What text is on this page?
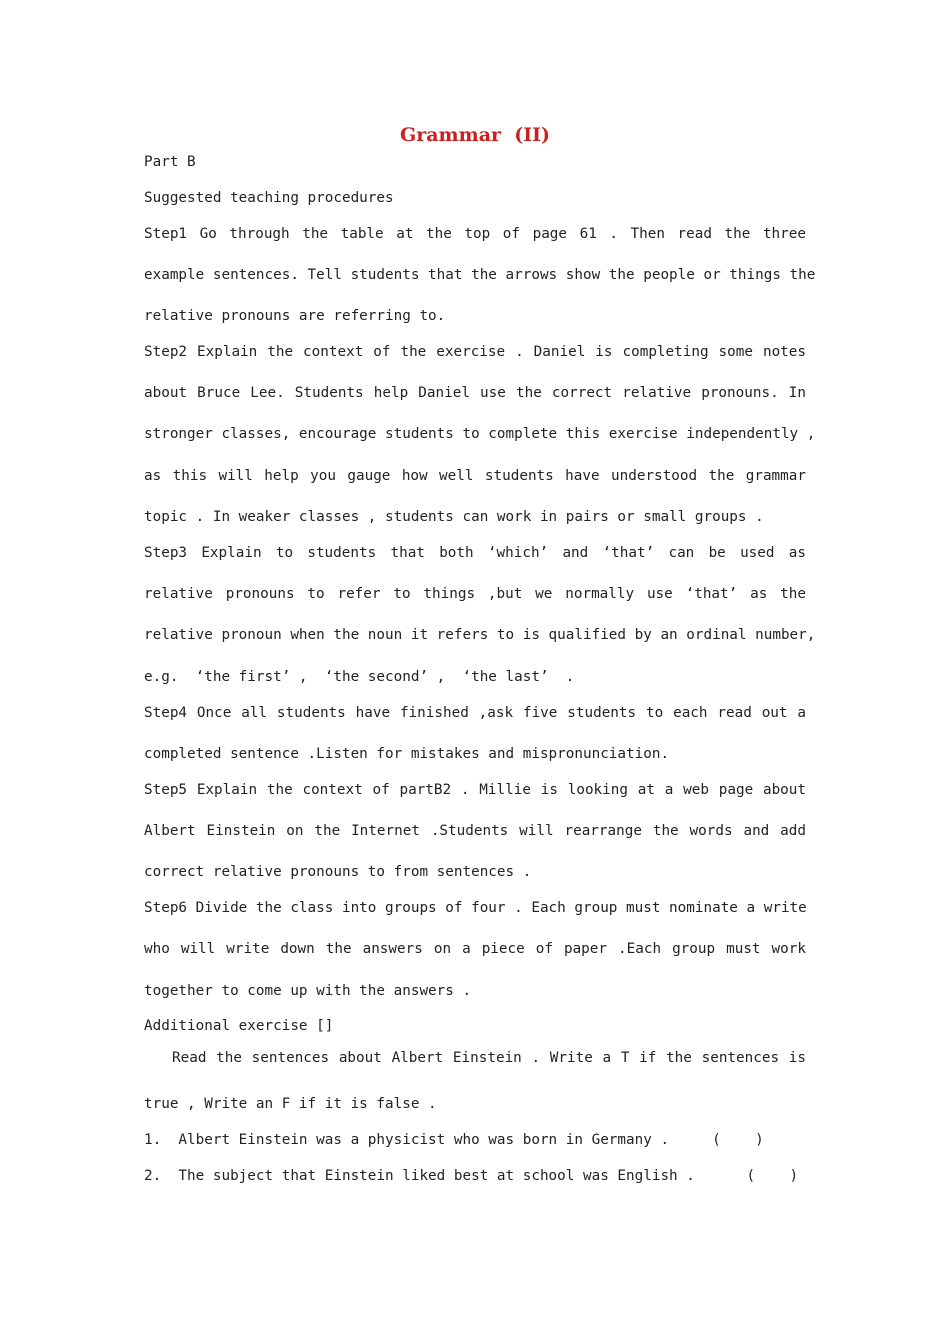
Grammar  (II)
Part B
Suggested teaching procedures
Step1 Go through the table at the top of page 61 . Then read the three
example sentences. Tell students that the arrows show the people or things the
relative pronouns are referring to.
Step2 Explain the context of the exercise . Daniel is completing some notes
about Bruce Lee. Students help Daniel use the correct relative pronouns. In
stronger classes, encourage students to complete this exercise independently ,
as this will help you gauge how well students have understood the grammar
topic . In weaker classes , students can work in pairs or small groups .
Step3 Explain to students that both ‘which’ and ‘that’ can be used as
relative pronouns to refer to things ,but we normally use ‘that’ as the
relative pronoun when the noun it refers to is qualified by an ordinal number,
e.g.  ‘the first’ ,  ‘the second’ ,  ‘the last’  .
Step4 Once all students have finished ,ask five students to each read out a
completed sentence .Listen for mistakes and mispronunciation.
Step5 Explain the context of partB2 . Millie is looking at a web page about
Albert Einstein on the Internet .Students will rearrange the words and add
correct relative pronouns to from sentences .
Step6 Divide the class into groups of four . Each group must nominate a write
who will write down the answers on a piece of paper .Each group must work
together to come up with the answers .
Additional exercise []
Read the sentences about Albert Einstein . Write a T if the sentences is
true , Write an F if it is false .
1.  Albert Einstein was a physicist who was born in Germany .     (    )
2.  The subject that Einstein liked best at school was English .      (    )
